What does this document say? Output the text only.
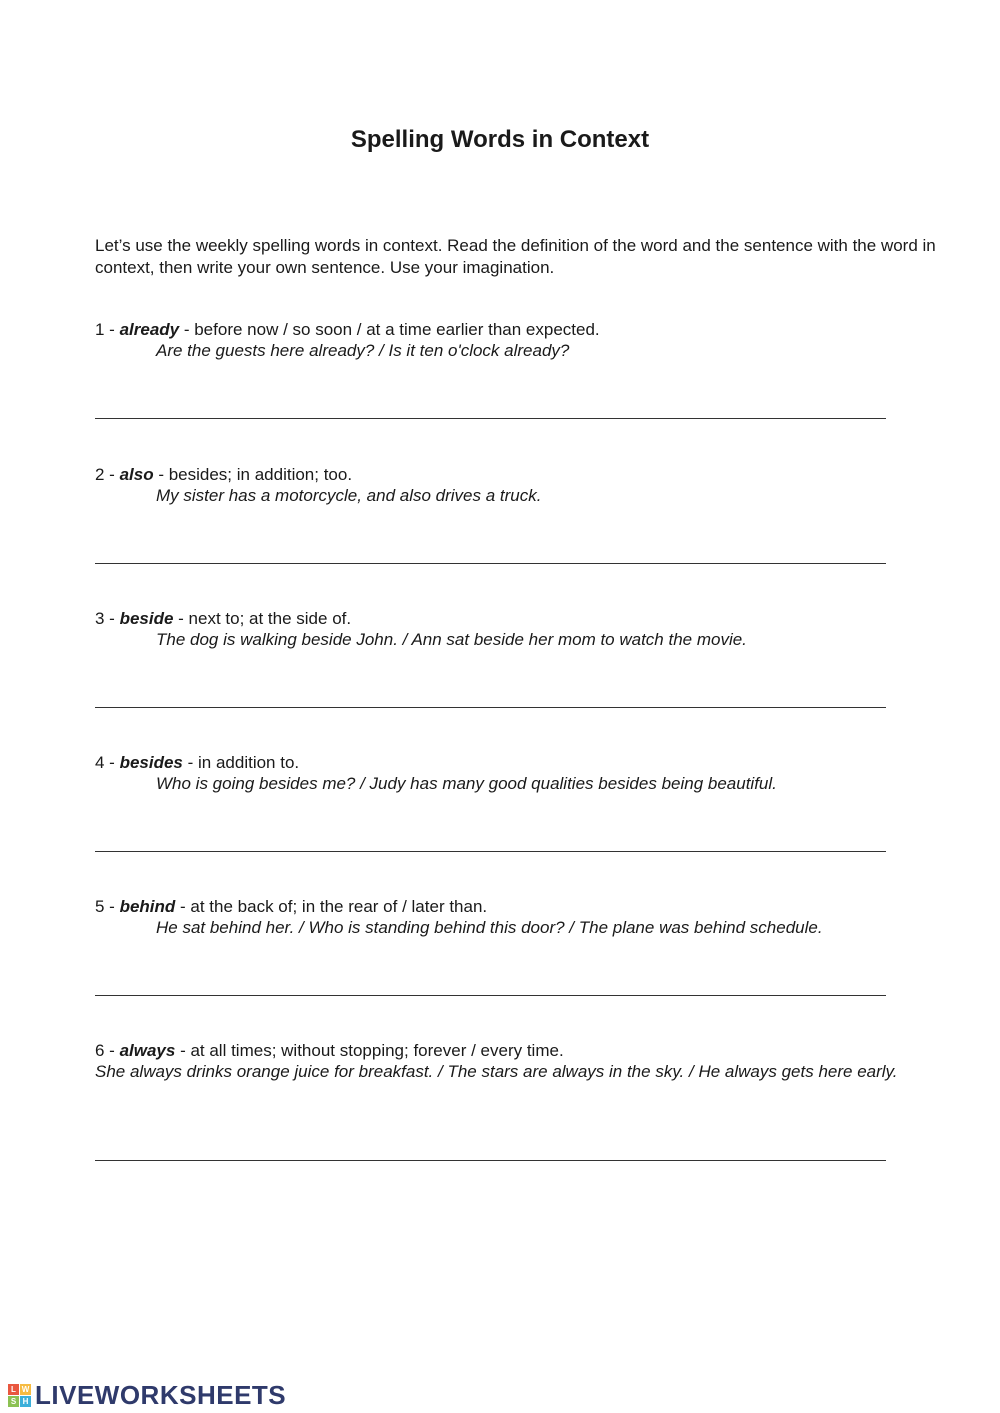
Spelling Words in Context

Let’s use the weekly spelling words in context. Read the definition of the word and the sentence with the word in context, then write your own sentence. Use your imagination.

1 - already - before now / so soon / at a time earlier than expected.

Are the guests here already? / Is it ten o'clock already?

2 - also - besides; in addition; too.

My sister has a motorcycle, and also drives a truck.

3 - beside - next to; at the side of.

The dog is walking beside John. / Ann sat beside her mom to watch the movie.

4 - besides - in addition to.

Who is going besides me? / Judy has many good qualities besides being beautiful.

5 - behind - at the back of; in the rear of / later than.

He sat behind her. / Who is standing behind this door? / The plane was behind schedule.

6 - always - at all times; without stopping; forever / every time.

She always drinks orange juice for breakfast. / The stars are always in the sky. / He always gets here early.

L W
S H LIVEWORKSHEETS
